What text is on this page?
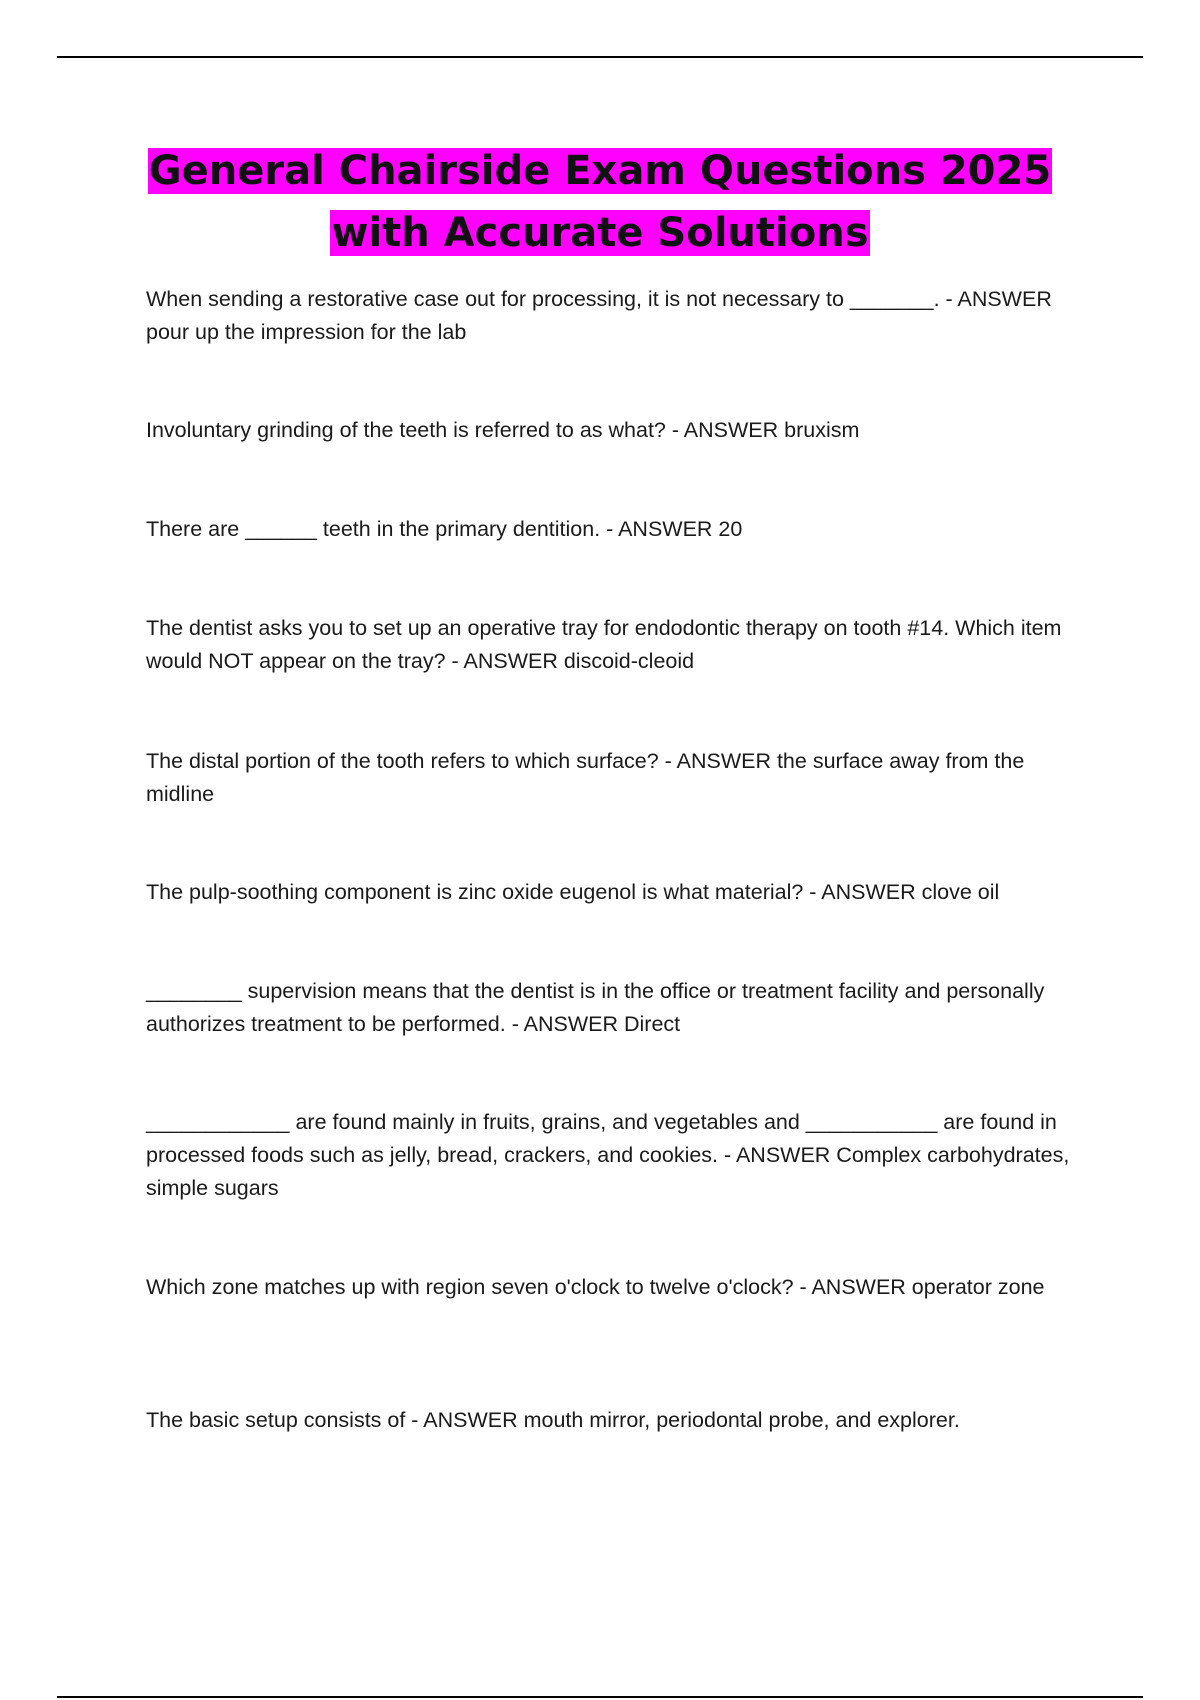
General Chairside Exam Questions 2025 with Accurate Solutions

When sending a restorative case out for processing, it is not necessary to _______. - ANSWER pour up the impression for the lab

Involuntary grinding of the teeth is referred to as what? - ANSWER bruxism

There are ______ teeth in the primary dentition. - ANSWER 20

The dentist asks you to set up an operative tray for endodontic therapy on tooth #14. Which item would NOT appear on the tray? - ANSWER discoid-cleoid

The distal portion of the tooth refers to which surface? - ANSWER the surface away from the midline

The pulp-soothing component is zinc oxide eugenol is what material? - ANSWER clove oil

________ supervision means that the dentist is in the office or treatment facility and personally authorizes treatment to be performed. - ANSWER Direct

____________ are found mainly in fruits, grains, and vegetables and ___________ are found in processed foods such as jelly, bread, crackers, and cookies. - ANSWER Complex carbohydrates, simple sugars

Which zone matches up with region seven o'clock to twelve o'clock? - ANSWER operator zone

The basic setup consists of - ANSWER mouth mirror, periodontal probe, and explorer.
